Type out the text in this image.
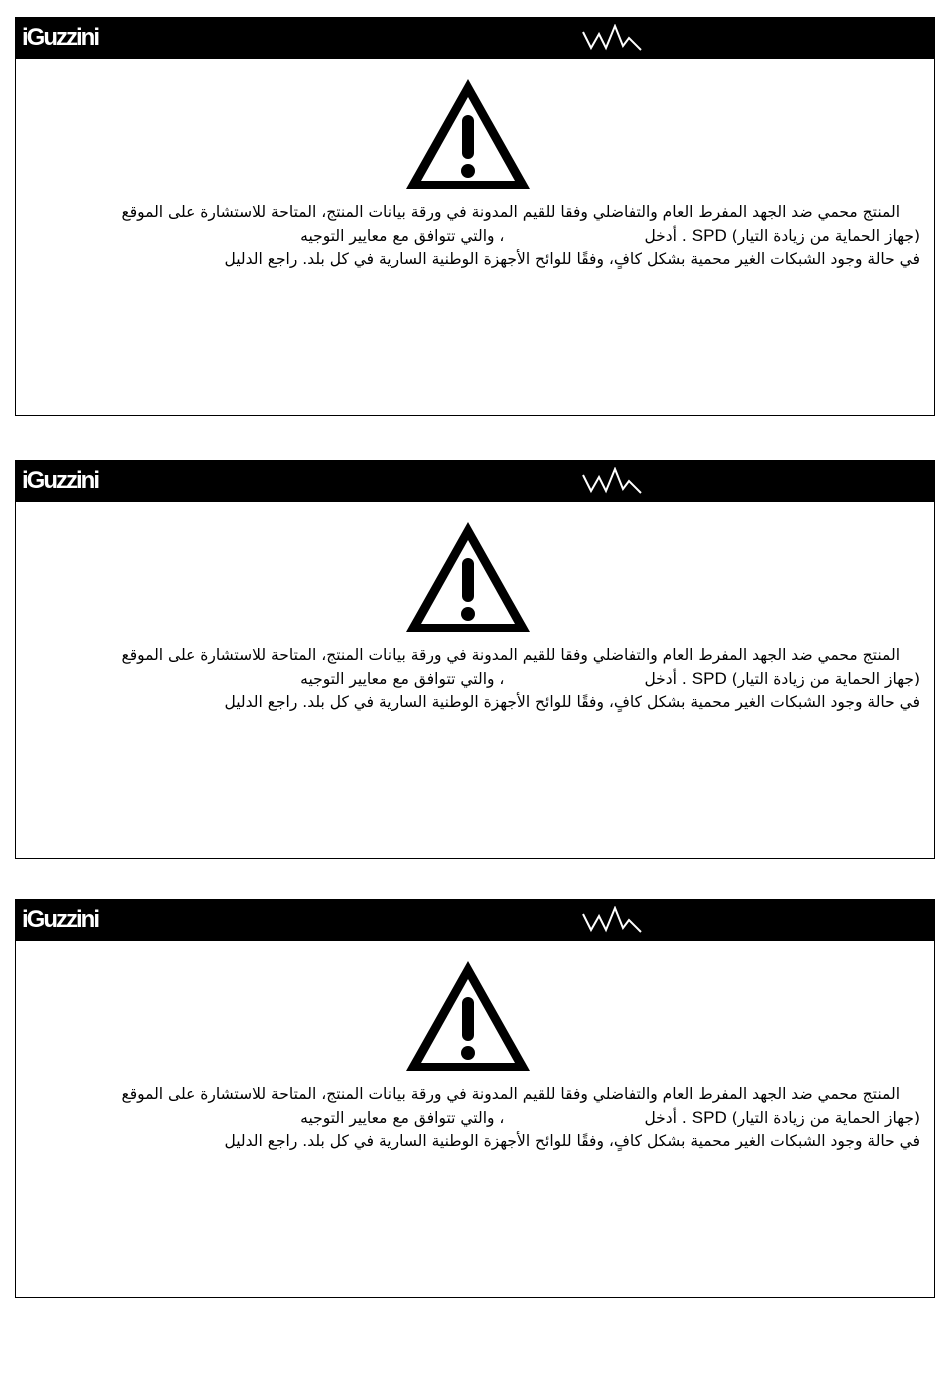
iGuzzini
المنتج محمي ضد الجهد المفرط العام والتفاضلي وفقا للقيم المدونة في ورقة بيانات المنتج، المتاحة للاستشارة على الموقع
(جهاز الحماية من زيادة التيار) SPD . أدخل، والتي تتوافق مع معايير التوجيه
في حالة وجود الشبكات الغير محمية بشكل كافٍ، وفقًا للوائح الأجهزة الوطنية السارية في كل بلد. راجع الدليل
iGuzzini
المنتج محمي ضد الجهد المفرط العام والتفاضلي وفقا للقيم المدونة في ورقة بيانات المنتج، المتاحة للاستشارة على الموقع
(جهاز الحماية من زيادة التيار) SPD . أدخل، والتي تتوافق مع معايير التوجيه
في حالة وجود الشبكات الغير محمية بشكل كافٍ، وفقًا للوائح الأجهزة الوطنية السارية في كل بلد. راجع الدليل
iGuzzini
المنتج محمي ضد الجهد المفرط العام والتفاضلي وفقا للقيم المدونة في ورقة بيانات المنتج، المتاحة للاستشارة على الموقع
(جهاز الحماية من زيادة التيار) SPD . أدخل، والتي تتوافق مع معايير التوجيه
في حالة وجود الشبكات الغير محمية بشكل كافٍ، وفقًا للوائح الأجهزة الوطنية السارية في كل بلد. راجع الدليل
